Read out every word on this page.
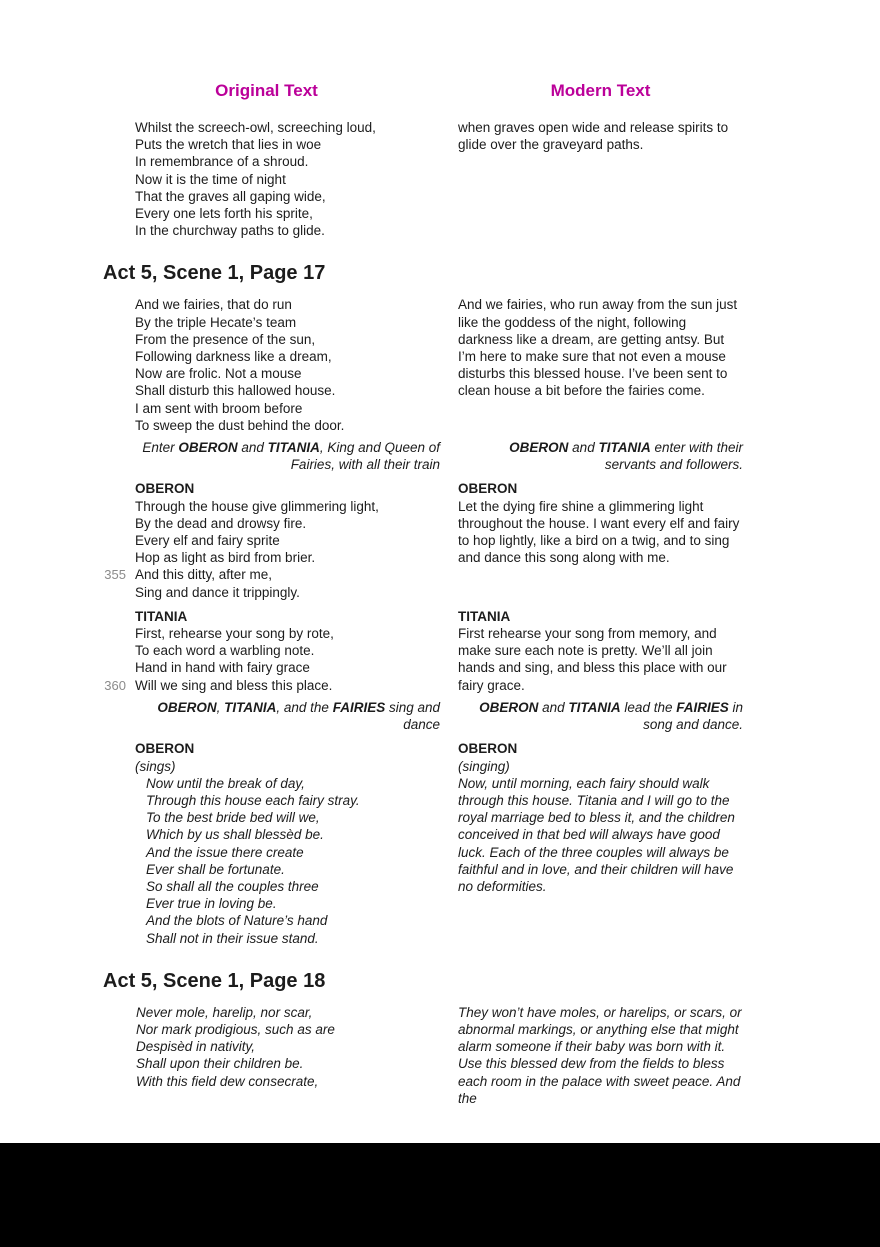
Original Text	Modern Text
Whilst the screech-owl, screeching loud,
Puts the wretch that lies in woe
In remembrance of a shroud.
Now it is the time of night
That the graves all gaping wide,
Every one lets forth his sprite,
In the churchway paths to glide.

when graves open wide and release spirits to glide over the graveyard paths.

Act 5, Scene 1, Page 17
And we fairies, that do run
By the triple Hecate’s team
From the presence of the sun,
Following darkness like a dream,
Now are frolic. Not a mouse
Shall disturb this hallowed house.
I am sent with broom before
To sweep the dust behind the door.

And we fairies, who run away from the sun just like the goddess of the night, following darkness like a dream, are getting antsy. But I’m here to make sure that not even a mouse disturbs this blessed house. I’ve been sent to clean house a bit before the fairies come.

Enter OBERON and TITANIA, King and Queen of Fairies, with all their train
OBERON and TITANIA enter with their servants and followers.
OBERON
Through the house give glimmering light,
By the dead and drowsy fire.
Every elf and fairy sprite
Hop as light as bird from brier.
355 And this ditty, after me,
Sing and dance it trippingly.
OBERON

Let the dying fire shine a glimmering light throughout the house. I want every elf and fairy to hop lightly, like a bird on a twig, and to sing and dance this song along with me.

TITANIA
First, rehearse your song by rote,
To each word a warbling note.
Hand in hand with fairy grace
360 Will we sing and bless this place.
TITANIA

First rehearse your song from memory, and make sure each note is pretty. We’ll all join hands and sing, and bless this place with our fairy grace.

OBERON, TITANIA, and the FAIRIES sing and dance
OBERON and TITANIA lead the FAIRIES in song and dance.
OBERON
(sings)
Now until the break of day,
Through this house each fairy stray.
To the best bride bed will we,
Which by us shall blessèd be.
And the issue there create
Ever shall be fortunate.
So shall all the couples three
Ever true in loving be.
And the blots of Nature’s hand
Shall not in their issue stand.
OBERON
(singing)

Now, until morning, each fairy should walk through this house. Titania and I will go to the royal marriage bed to bless it, and the children conceived in that bed will always have good luck. Each of the three couples will always be faithful and in love, and their children will have no deformities.

Act 5, Scene 1, Page 18
Never mole, harelip, nor scar,
Nor mark prodigious, such as are
Despisèd in nativity,
Shall upon their children be.
With this field dew consecrate,

They won’t have moles, or harelips, or scars, or abnormal markings, or anything else that might alarm someone if their baby was born with it. Use this blessed dew from the fields to bless each room in the palace with sweet peace. And the
